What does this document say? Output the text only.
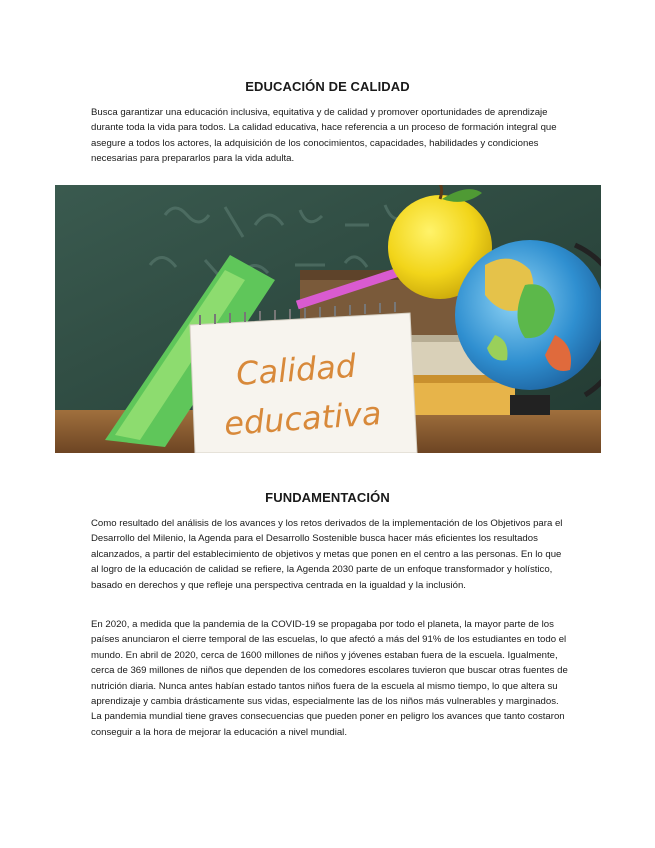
EDUCACIÓN DE CALIDAD

Busca garantizar una educación inclusiva, equitativa y de calidad y promover oportunidades de aprendizaje durante toda la vida para todos. La calidad educativa, hace referencia a un proceso de formación integral que asegure a todos los actores, la adquisición de los conocimientos, capacidades, habilidades y condiciones necesarias para prepararlos para la vida adulta.

Calidad
educativa
FUNDAMENTACIÓN

Como resultado del análisis de los avances y los retos derivados de la implementación de los Objetivos para el Desarrollo del Milenio, la Agenda para el Desarrollo Sostenible busca hacer más eficientes los resultados alcanzados, a partir del establecimiento de objetivos y metas que ponen en el centro a las personas. En lo que al logro de la educación de calidad se refiere, la Agenda 2030 parte de un enfoque transformador y holístico, basado en derechos y que refleje una perspectiva centrada en la igualdad y la inclusión.

En 2020, a medida que la pandemia de la COVID-19 se propagaba por todo el planeta, la mayor parte de los países anunciaron el cierre temporal de las escuelas, lo que afectó a más del 91% de los estudiantes en todo el mundo. En abril de 2020, cerca de 1600 millones de niños y jóvenes estaban fuera de la escuela. Igualmente, cerca de 369 millones de niños que dependen de los comedores escolares tuvieron que buscar otras fuentes de nutrición diaria. Nunca antes habían estado tantos niños fuera de la escuela al mismo tiempo, lo que altera su aprendizaje y cambia drásticamente sus vidas, especialmente las de los niños más vulnerables y marginados. La pandemia mundial tiene graves consecuencias que pueden poner en peligro los avances que tanto costaron conseguir a la hora de mejorar la educación a nivel mundial.
